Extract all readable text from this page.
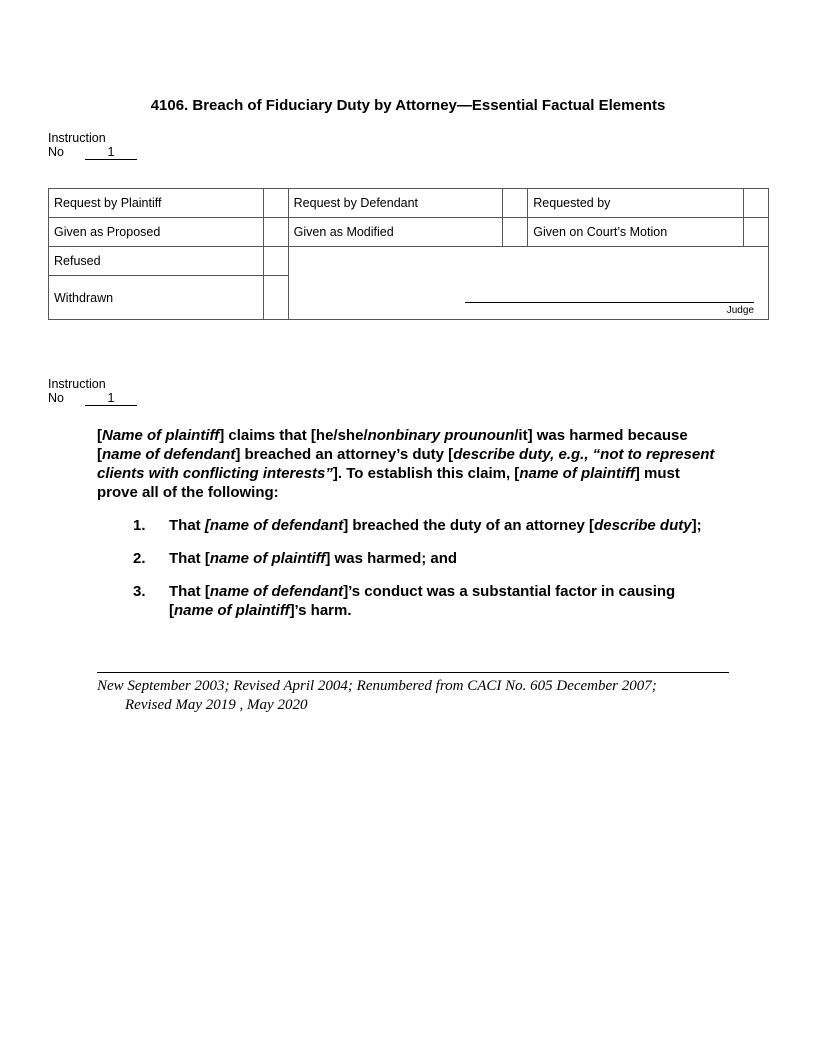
4106. Breach of Fiduciary Duty by Attorney—Essential Factual Elements
Instruction
No	1
Request by Plaintiff		Request by Defendant		Requested by	
Given as Proposed		Given as Modified		Given on Court’s Motion	
Refused		Judge			

Withdrawn					
Instruction
No	1

[Name of plaintiff] claims that [he/she/nonbinary prounoun/it] was harmed because [name of defendant] breached an attorney’s duty [describe duty, e.g., “not to represent clients with conflicting interests”]. To establish this claim, [name of plaintiff] must prove all of the following:

1. That [name of defendant] breached the duty of an attorney [describe duty];
2. That [name of plaintiff] was harmed; and
3. That [name of defendant]’s conduct was a substantial factor in causing [name of plaintiff]’s harm.
New September 2003; Revised April 2004; Renumbered from CACI No. 605 December 2007;
Revised May 2019 , May 2020
